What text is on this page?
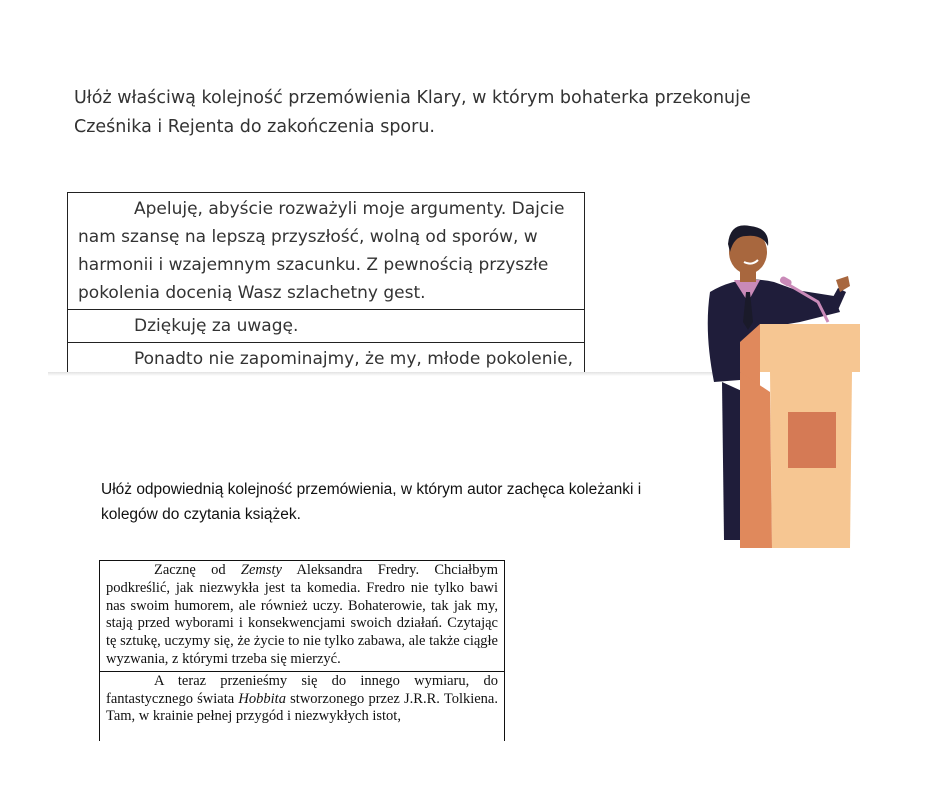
Ułóż właściwą kolejność przemówienia Klary, w którym bohaterka przekonuje Cześnika i Rejenta do zakończenia sporu.

Apeluję, abyście rozważyli moje argumenty. Dajcie nam szansę na lepszą przyszłość, wolną od sporów, w harmonii i wzajemnym szacunku. Z pewnością przyszłe pokolenia docenią Wasz szlachetny gest.
Dziękuję za uwagę.
Ponadto nie zapominajmy, że my, młode pokolenie,

Ułóż odpowiednią kolejność przemówienia, w którym autor zachęca koleżanki i kolegów do czytania książek.

Zacznę od Zemsty Aleksandra Fredry. Chciałbym podkreślić, jak niezwykła jest ta komedia. Fredro nie tylko bawi nas swoim humorem, ale również uczy. Bohaterowie, tak jak my, stają przed wyborami i konsekwencjami swoich działań. Czytając tę sztukę, uczymy się, że życie to nie tylko zabawa, ale także ciągłe wyzwania, z którymi trzeba się mierzyć.
A teraz przenieśmy się do innego wymiaru, do fantastycznego świata Hobbita stworzonego przez J.R.R. Tolkiena. Tam, w krainie pełnej przygód i niezwykłych istot,
